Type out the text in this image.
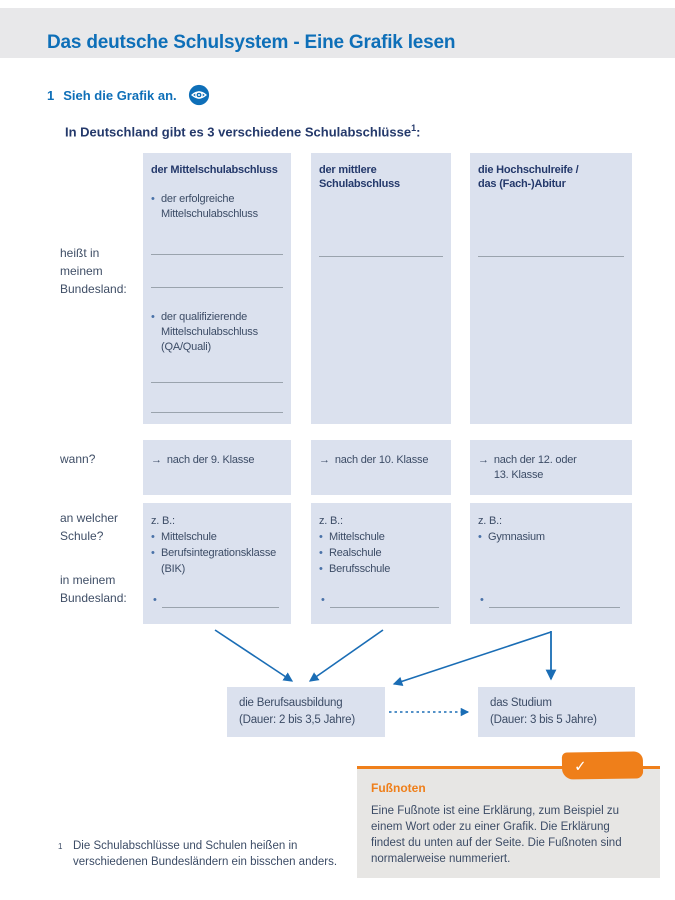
Das deutsche Schulsystem - Eine Grafik lesen
1 Sieh die Grafik an.
In Deutschland gibt es 3 verschiedene Schulabschlüsse$^1$:
heißt in
meinem
Bundesland:
wann?
an welcher
Schule?
in meinem
Bundesland:
der Mittelschulabschluss
• der erfolgreiche Mittelschulabschluss
• der qualifizierende Mittelschulabschluss (QA/Quali)
der mittlere
Schulabschluss
die Hochschulreife /
das (Fach-)Abitur
→ nach der 9. Klasse	→ nach der 10. Klasse	→ nach der 12. oder
13. Klasse
z. B.:
• Mittelschule
• Berufsintegrationsklasse (BIK)
•
z. B.:
• Mittelschule
• Realschule
• Berufsschule
•
z. B.:
• Gymnasium
•
die Berufsausbildung
(Dauer: 2 bis 3,5 Jahre)
das Studium
(Dauer: 3 bis 5 Jahre)
Fußnoten
Eine Fußnote ist eine Erklärung, zum Beispiel zu einem Wort oder zu einer Grafik. Die Erklärung findest du unten auf der Seite. Die Fußnoten sind normalerweise nummeriert.
✓
1 Die Schulabschlüsse und Schulen heißen in verschiedenen Bundesländern ein bisschen anders.
